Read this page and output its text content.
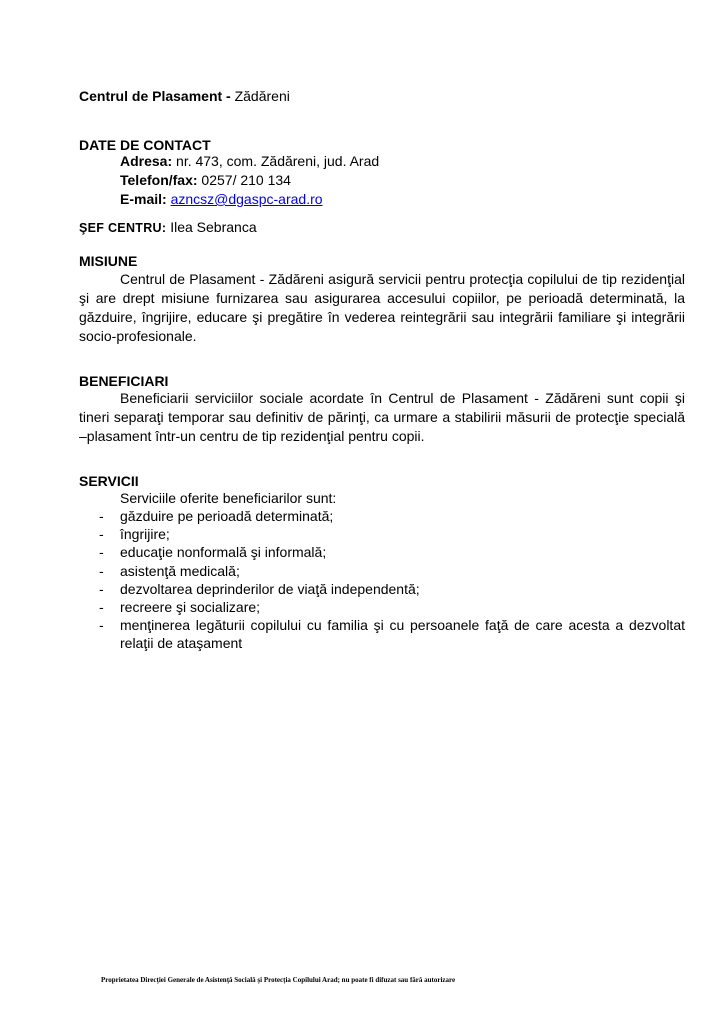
Centrul de Plasament - Zădăreni
DATE DE CONTACT
Adresa: nr. 473, com. Zădăreni, jud. Arad
Telefon/fax: 0257/ 210 134
E-mail: azncsz@dgaspc-arad.ro
ŞEF CENTRU: Ilea Sebranca
MISIUNE
Centrul de Plasament - Zădăreni asigură servicii pentru protecţia copilului de tip rezidenţial şi are drept misiune furnizarea sau asigurarea accesului copiilor, pe perioadă determinată, la găzduire, îngrijire, educare şi pregătire în vederea reintegrării sau integrării familiare şi integrării socio-profesionale.
BENEFICIARI
Beneficiarii serviciilor sociale acordate în Centrul de Plasament - Zădăreni sunt copii şi tineri separaţi temporar sau definitiv de părinţi, ca urmare a stabilirii măsurii de protecţie specială –plasament într-un centru de tip rezidenţial pentru copii.
SERVICII
Serviciile oferite beneficiarilor sunt:
- găzduire pe perioadă determinată;
- îngrijire;
- educaţie nonformală şi informală;
- asistenţă medicală;
- dezvoltarea deprinderilor de viaţă independentă;
- recreere şi socializare;
- menţinerea legăturii copilului cu familia şi cu persoanele faţă de care acesta a dezvoltat relaţii de ataşament
Proprietatea Direcţiei Generale de Asistenţă Socială şi Protecţia Copilului Arad; nu poate fi difuzat sau fără autorizare
